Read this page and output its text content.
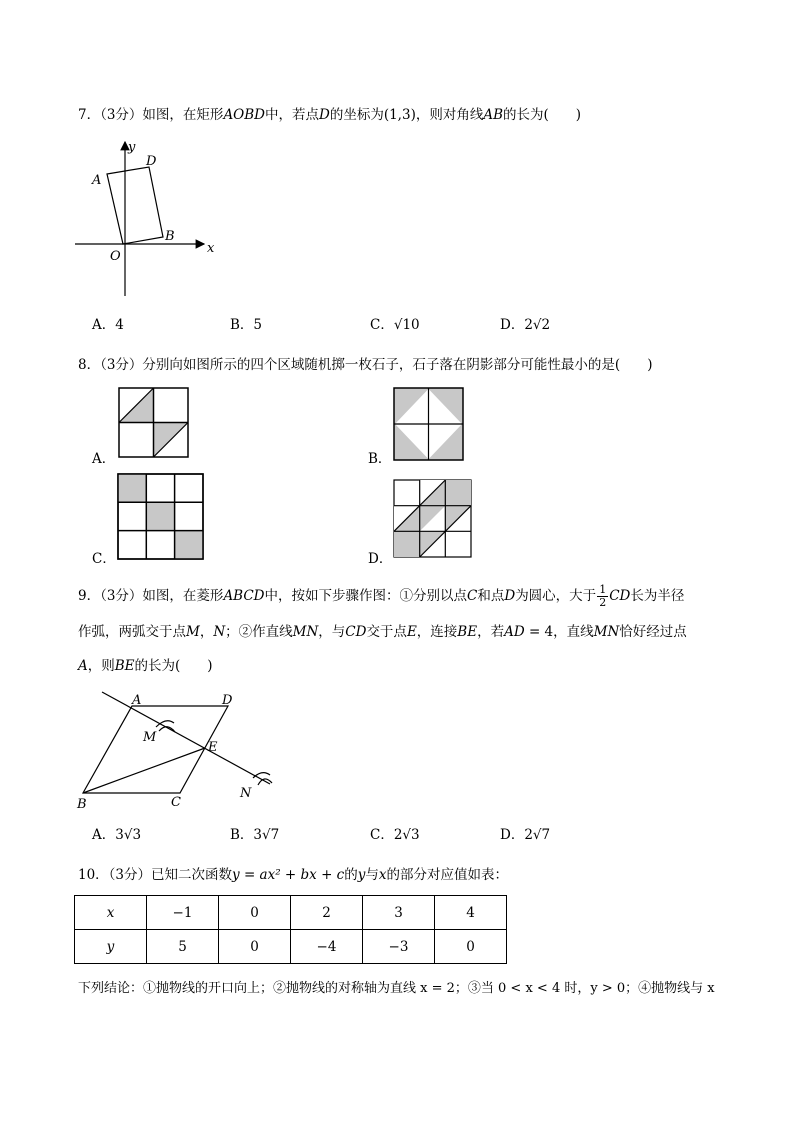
7．（3分）如图，在矩形AOBD中，若点D的坐标为(1,3)，则对角线AB的长为(　　)
y
x
A
D
B
O
A．4	B．5	C．√10	D．2√2
8．（3分）分别向如图所示的四个区域随机掷一枚石子，石子落在阴影部分可能性最小的是(　　)
A．	B．
C．	D．
9．（3分）如图，在菱形ABCD中，按如下步骤作图：①分别以点C和点D为圆心，大于 $\frac{1}{2}$ CD长为半径
作弧，两弧交于点M，N；②作直线MN，与CD交于点E，连接BE，若AD = 4，直线MN恰好经过点
A，则BE的长为(　　)
A	D
M
E
B	C
N
A．3√3	B．3√7	C．2√3	D．2√7
10．（3分）已知二次函数y = ax² + bx + c的y与x的部分对应值如表：
x	−1	0	2	3	4
y	5	0	−4	−3	0
下列结论：①抛物线的开口向上；②抛物线的对称轴为直线 x = 2；③当 0 < x < 4 时，y > 0；④抛物线与 x
